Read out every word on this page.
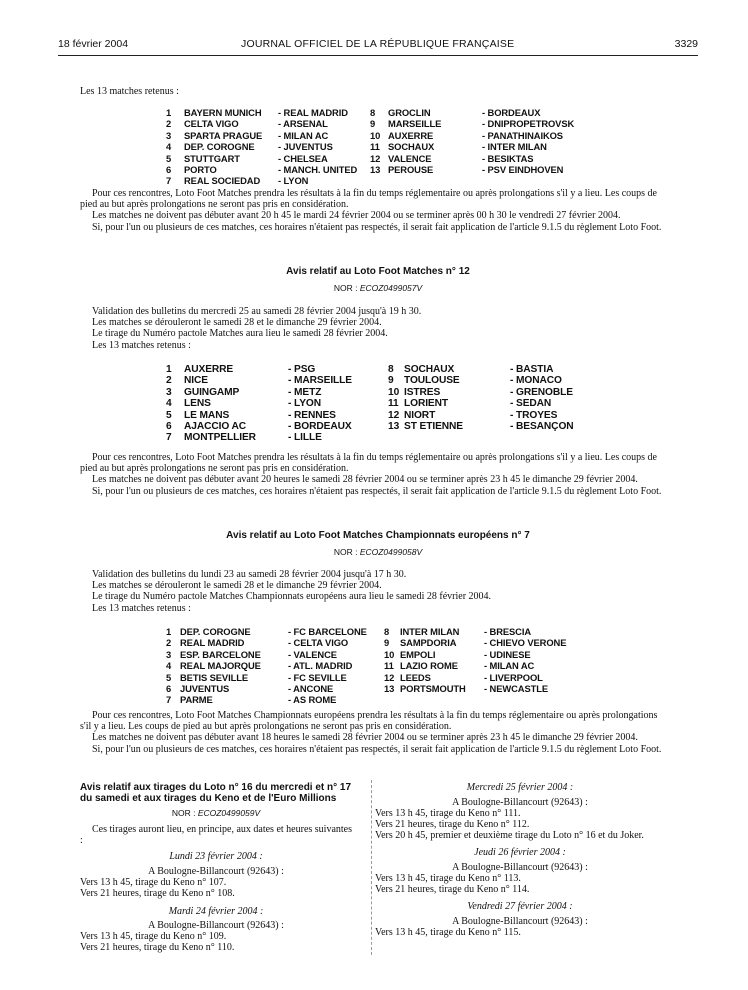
18 février 2004	JOURNAL OFFICIEL DE LA RÉPUBLIQUE FRANÇAISE	3329

Les 13 matches retenus :

1 BAYERN MUNICH - REAL MADRID
2 CELTA VIGO	- ARSENAL
3 SPARTA PRAGUE - MILAN AC
4 DEP. COROGNE - JUVENTUS
5 STUTTGART	- CHELSEA
6 PORTO	- MANCH. UNITED
7 REAL SOCIEDAD - LYON
8 GROCLIN	- BORDEAUX
9 MARSEILLE	- DNIPROPETROVSK
10 AUXERRE	- PANATHINAIKOS
11 SOCHAUX	- INTER MILAN
12 VALENCE	- BESIKTAS
13 PEROUSE	- PSV EINDHOVEN

Pour ces rencontres, Loto Foot Matches prendra les résultats à la fin du temps réglementaire ou après prolongations s'il y a lieu. Les coups de pied au but après prolongations ne seront pas pris en considération.

Les matches ne doivent pas débuter avant 20 h 45 le mardi 24 février 2004 ou se terminer après 00 h 30 le vendredi 27 février 2004.

Si, pour l'un ou plusieurs de ces matches, ces horaires n'étaient pas respectés, il serait fait application de l'article 9.1.5 du règlement Loto Foot.

Avis relatif au Loto Foot Matches n° 12
NOR : ECOZ0499057V

Validation des bulletins du mercredi 25 au samedi 28 février 2004 jusqu'à 19 h 30.

Les matches se dérouleront le samedi 28 et le dimanche 29 février 2004.

Le tirage du Numéro pactole Matches aura lieu le samedi 28 février 2004.

Les 13 matches retenus :

1 AUXERRE	- PSG
2 NICE	- MARSEILLE
3 GUINGAMP	- METZ
4 LENS	- LYON
5 LE MANS	- RENNES
6 AJACCIO AC	- BORDEAUX
7 MONTPELLIER	- LILLE
8 SOCHAUX	- BASTIA
9 TOULOUSE	- MONACO
10 ISTRES	- GRENOBLE
11 LORIENT	- SEDAN
12 NIORT	- TROYES
13 ST ETIENNE	- BESANÇON

Pour ces rencontres, Loto Foot Matches prendra les résultats à la fin du temps réglementaire ou après prolongations s'il y a lieu. Les coups de pied au but après prolongations ne seront pas pris en considération.

Les matches ne doivent pas débuter avant 20 heures le samedi 28 février 2004 ou se terminer après 23 h 45 le dimanche 29 février 2004.

Si, pour l'un ou plusieurs de ces matches, ces horaires n'étaient pas respectés, il serait fait application de l'article 9.1.5 du règlement Loto Foot.

Avis relatif au Loto Foot Matches Championnats européens n° 7
NOR : ECOZ0499058V

Validation des bulletins du lundi 23 au samedi 28 février 2004 jusqu'à 17 h 30.

Les matches se dérouleront le samedi 28 et le dimanche 29 février 2004.

Le tirage du Numéro pactole Matches Championnats européens aura lieu le samedi 28 février 2004.

Les 13 matches retenus :

1 DEP. COROGNE	- FC BARCELONE
2 REAL MADRID	- CELTA VIGO
3 ESP. BARCELONE	- VALENCE
4 REAL MAJORQUE	- ATL. MADRID
5 BETIS SEVILLE	- FC SEVILLE
6 JUVENTUS	- ANCONE
7 PARME	- AS ROME
8 INTER MILAN	- BRESCIA
9 SAMPDORIA	- CHIEVO VERONE
10 EMPOLI	- UDINESE
11 LAZIO ROME	- MILAN AC
12 LEEDS	- LIVERPOOL
13 PORTSMOUTH - NEWCASTLE

Pour ces rencontres, Loto Foot Matches Championnats européens prendra les résultats à la fin du temps réglementaire ou après prolongations s'il y a lieu. Les coups de pied au but après prolongations ne seront pas pris en considération.

Les matches ne doivent pas débuter avant 18 heures le samedi 28 février 2004 ou se terminer après 23 h 45 le dimanche 29 février 2004.

Si, pour l'un ou plusieurs de ces matches, ces horaires n'étaient pas respectés, il serait fait application de l'article 9.1.5 du règlement Loto Foot.

Avis relatif aux tirages du Loto n° 16 du mercredi et n° 17 du samedi et aux tirages du Keno et de l'Euro Millions
NOR : ECOZ0499059V

Ces tirages auront lieu, en principe, aux dates et heures suivantes :

Lundi 23 février 2004 :

A Boulogne-Billancourt (92643) :

Vers 13 h 45, tirage du Keno n° 107.

Vers 21 heures, tirage du Keno n° 108.

Mardi 24 février 2004 :

A Boulogne-Billancourt (92643) :

Vers 13 h 45, tirage du Keno n° 109.

Vers 21 heures, tirage du Keno n° 110.

Mercredi 25 février 2004 :

A Boulogne-Billancourt (92643) :

Vers 13 h 45, tirage du Keno n° 111.

Vers 21 heures, tirage du Keno n° 112.

Vers 20 h 45, premier et deuxième tirage du Loto n° 16 et du Joker.

Jeudi 26 février 2004 :

A Boulogne-Billancourt (92643) :

Vers 13 h 45, tirage du Keno n° 113.

Vers 21 heures, tirage du Keno n° 114.

Vendredi 27 février 2004 :

A Boulogne-Billancourt (92643) :

Vers 13 h 45, tirage du Keno n° 115.
